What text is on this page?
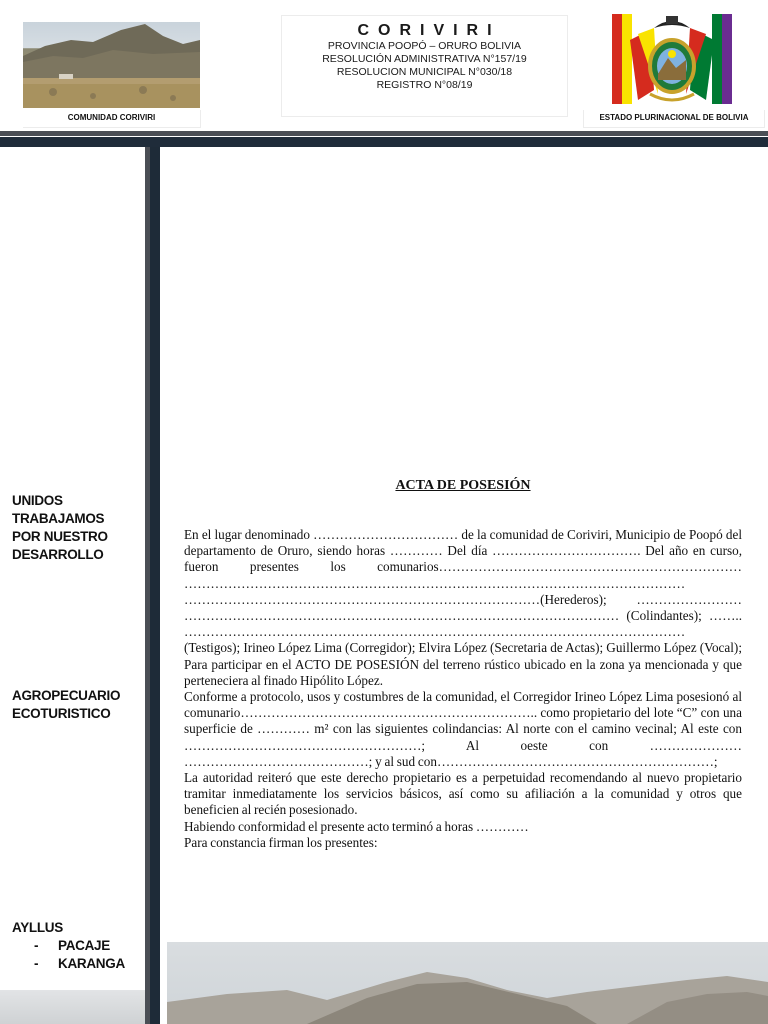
COMUNIDAD CORIVIRI
CORIVIRI
PROVINCIA POOPÓ – ORURO BOLIVIA
RESOLUCIÓN ADMINISTRATIVA N°157/19
RESOLUCION MUNICIPAL N°030/18
REGISTRO N°08/19
ESTADO PLURINACIONAL DE BOLIVIA
UNIDOS
TRABAJAMOS
POR NUESTRO
DESARROLLO
AGROPECUARIO
ECOTURISTICO
AYLLUS
- PACAJE
- KARANGA
ACTA DE POSESIÓN

En el lugar denominado …………………………… de la comunidad de Coriviri, Municipio de Poopó del departamento de Oruro, siendo horas ………… Del día ……………………………. Del año en curso, fueron presentes los comunarios…………………………………………………………… …………………………………………………………………………………………………… ………………………………………………………………………(Herederos); …………………… ……………………………………………………………………………………… (Colindantes); …….. …………………………………………………………………………………………………… (Testigos); Irineo López Lima (Corregidor); Elvira López (Secretaria de Actas); Guillermo López (Vocal); Para participar en el ACTO DE POSESIÓN del terreno rústico ubicado en la zona ya mencionada y que perteneciera al finado Hipólito López.

Conforme a protocolo, usos y costumbres de la comunidad, el Corregidor Irineo López Lima posesionó al comunario………………………………………………………….. como propietario del lote “C” con una superficie de ………… m² con las siguientes colindancias: Al norte con el camino vecinal; Al este con ………………………………………………; Al oeste con ………………… ……………………………………; y al sud con………………………………………………………;

La autoridad reiteró que este derecho propietario es a perpetuidad recomendando al nuevo propietario tramitar inmediatamente los servicios básicos, así como su afiliación a la comunidad y otros que beneficien al recién posesionado.

Habiendo conformidad el presente acto terminó a horas …………

Para constancia firman los presentes:
